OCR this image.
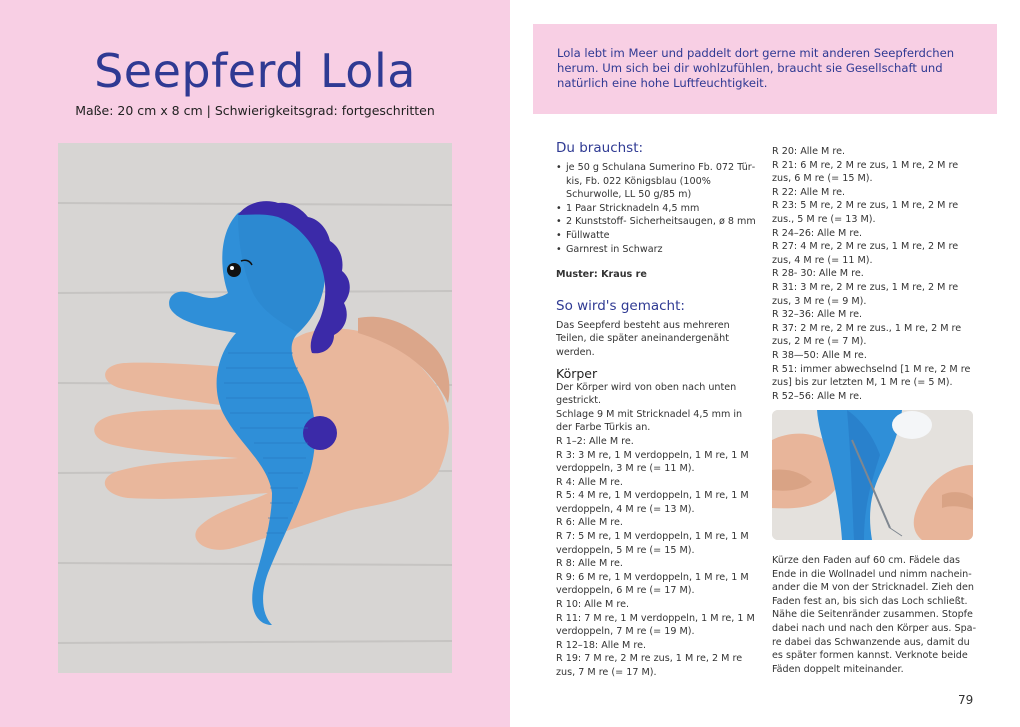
Seepferd Lola
Maße: 20 cm x 8 cm | Schwierigkeitsgrad: fortgeschritten
Lola lebt im Meer und paddelt dort gerne mit anderen Seepferdchen herum. Um sich bei dir wohlzufühlen, braucht sie Gesellschaft und natürlich eine hohe Luftfeuchtigkeit.
Du brauchst:
• je 50 g Schulana Sumerino Fb. 072 Türkis, Fb. 022 Königsblau (100% Schurwolle, LL 50 g/85 m)
• 1 Paar Stricknadeln 4,5 mm
• 2 Kunststoff- Sicherheitsaugen, ø 8 mm
• Füllwatte
• Garnrest in Schwarz

Muster: Kraus re

So wird's gemacht:

Das Seepferd besteht aus mehreren Teilen, die später aneinandergenäht werden.

Körper

Der Körper wird von oben nach unten gestrickt.

Schlage 9 M mit Stricknadel 4,5 mm in der Farbe Türkis an.

R 1–2: Alle M re.

R 3: 3 M re, 1 M verdoppeln, 1 M re, 1 M verdoppeln, 3 M re (= 11 M).

R 4: Alle M re.

R 5: 4 M re, 1 M verdoppeln, 1 M re, 1 M verdoppeln, 4 M re (= 13 M).

R 6: Alle M re.

R 7: 5 M re, 1 M verdoppeln, 1 M re, 1 M verdoppeln, 5 M re (= 15 M).

R 8: Alle M re.

R 9: 6 M re, 1 M verdoppeln, 1 M re, 1 M verdoppeln, 6 M re (= 17 M).

R 10: Alle M re.

R 11: 7 M re, 1 M verdoppeln, 1 M re, 1 M verdoppeln, 7 M re (= 19 M).

R 12–18: Alle M re.

R 19: 7 M re, 2 M re zus, 1 M re, 2 M re zus, 7 M re (= 17 M).

R 20: Alle M re.

R 21: 6 M re, 2 M re zus, 1 M re, 2 M re zus, 6 M re (= 15 M).

R 22: Alle M re.

R 23: 5 M re, 2 M re zus, 1 M re, 2 M re zus., 5 M re (= 13 M).

R 24–26: Alle M re.

R 27: 4 M re, 2 M re zus, 1 M re, 2 M re zus, 4 M re (= 11 M).

R 28- 30: Alle M re.

R 31: 3 M re, 2 M re zus, 1 M re, 2 M re zus, 3 M re (= 9 M).

R 32–36: Alle M re.

R 37: 2 M re, 2 M re zus., 1 M re, 2 M re zus, 2 M re (= 7 M).

R 38—50: Alle M re.

R 51: immer abwechselnd [1 M re, 2 M re zus] bis zur letzten M, 1 M re (= 5 M).

R 52–56: Alle M re.

Kürze den Faden auf 60 cm. Fädele das Ende in die Wollnadel und nimm nacheinander die M von der Stricknadel. Zieh den Faden fest an, bis sich das Loch schließt. Nähe die Seitenränder zusammen. Stopfe dabei nach und nach den Körper aus. Spare dabei das Schwanzende aus, damit du es später formen kannst. Verknote beide Fäden doppelt miteinander.
79
